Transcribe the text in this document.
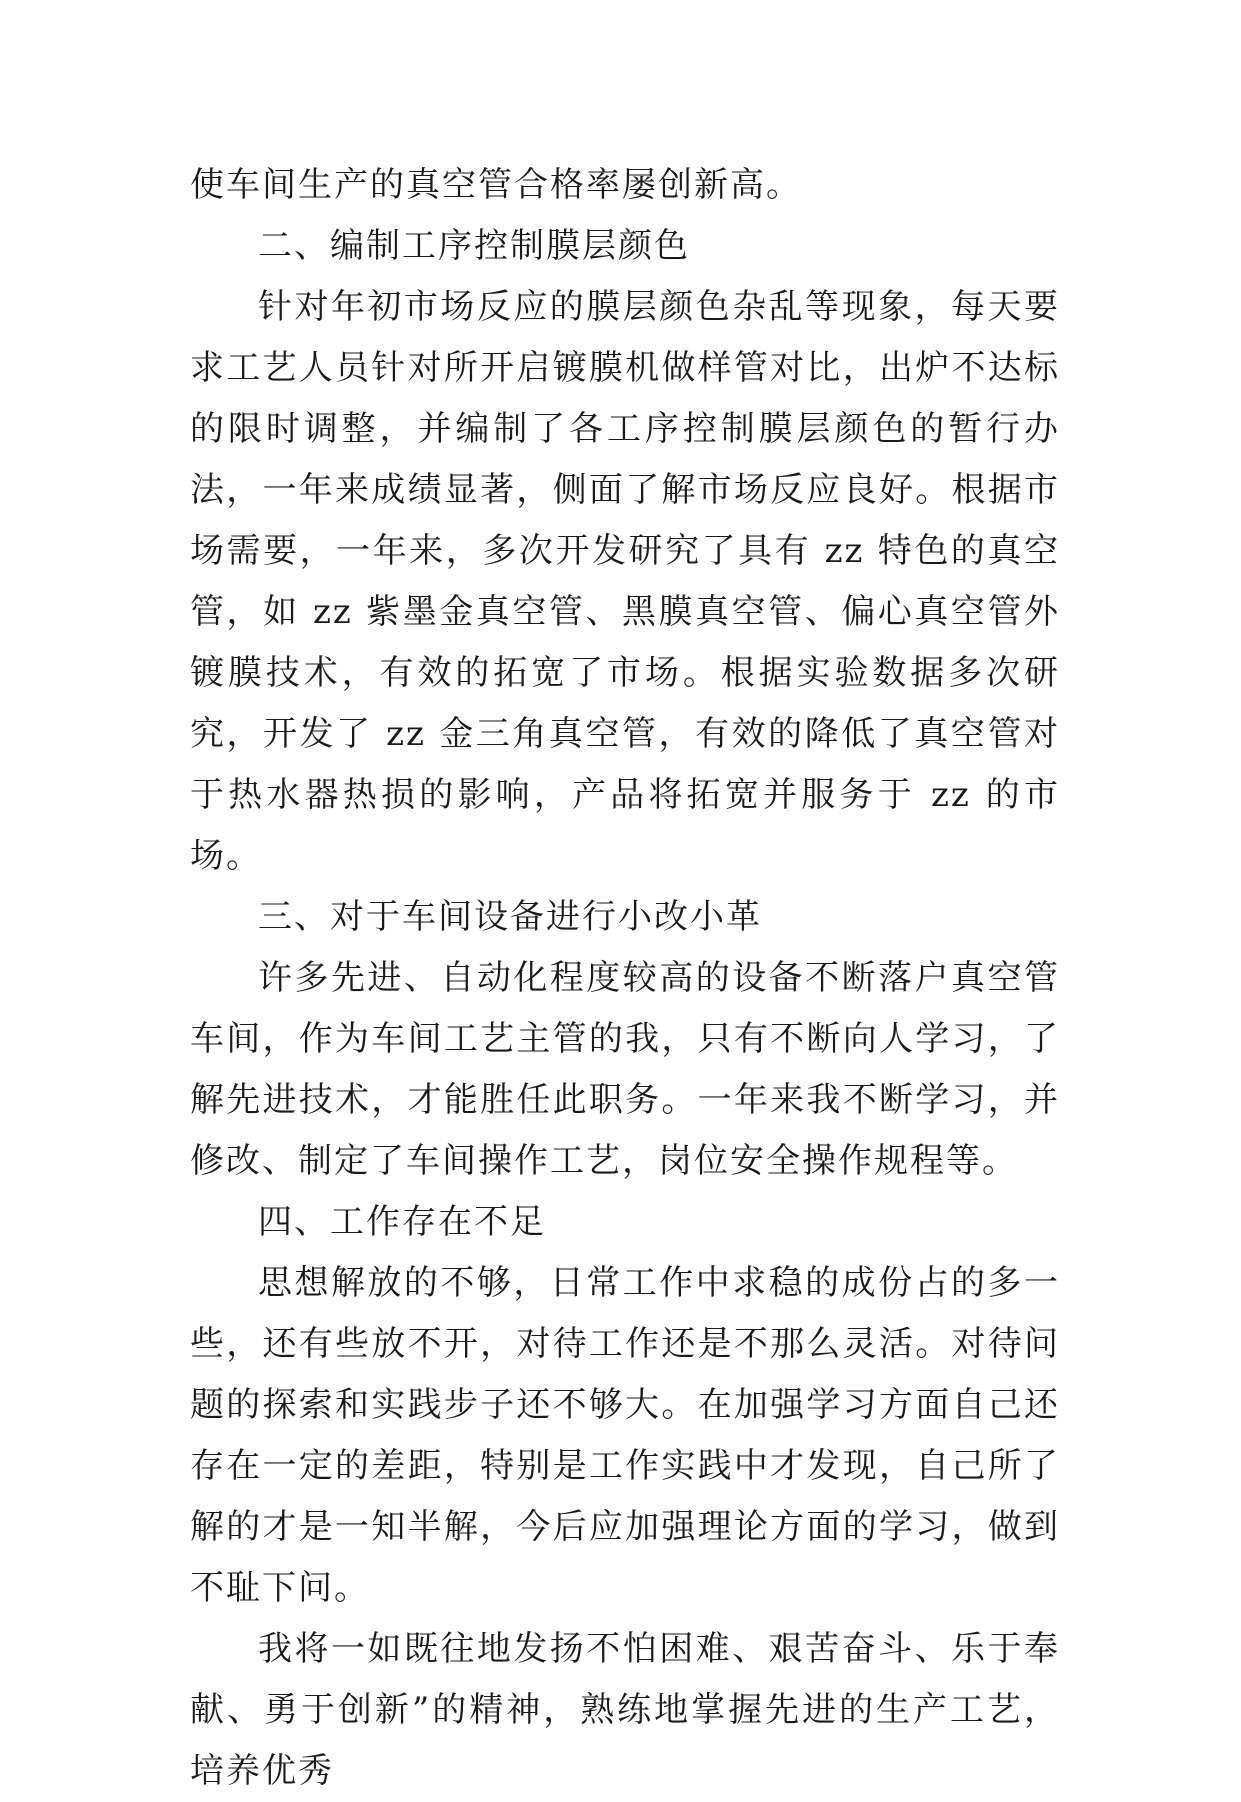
使车间生产的真空管合格率屡创新高。

二、编制工序控制膜层颜色

针对年初市场反应的膜层颜色杂乱等现象，每天要求工艺人员针对所开启镀膜机做样管对比，出炉不达标的限时调整，并编制了各工序控制膜层颜色的暂行办法，一年来成绩显著，侧面了解市场反应良好。根据市场需要，一年来，多次开发研究了具有 zz 特色的真空管，如 zz 紫墨金真空管、黑膜真空管、偏心真空管外镀膜技术，有效的拓宽了市场。根据实验数据多次研究，开发了 zz 金三角真空管，有效的降低了真空管对于热水器热损的影响，产品将拓宽并服务于 zz 的市场。

三、对于车间设备进行小改小革

许多先进、自动化程度较高的设备不断落户真空管车间，作为车间工艺主管的我，只有不断向人学习，了解先进技术，才能胜任此职务。一年来我不断学习，并修改、制定了车间操作工艺，岗位安全操作规程等。

四、工作存在不足

思想解放的不够，日常工作中求稳的成份占的多一些，还有些放不开，对待工作还是不那么灵活。对待问题的探索和实践步子还不够大。在加强学习方面自己还存在一定的差距，特别是工作实践中才发现，自己所了解的才是一知半解，今后应加强理论方面的学习，做到不耻下问。

我将一如既往地发扬不怕困难、艰苦奋斗、乐于奉献、勇于创新”的精神，熟练地掌握先进的生产工艺，培养优秀
